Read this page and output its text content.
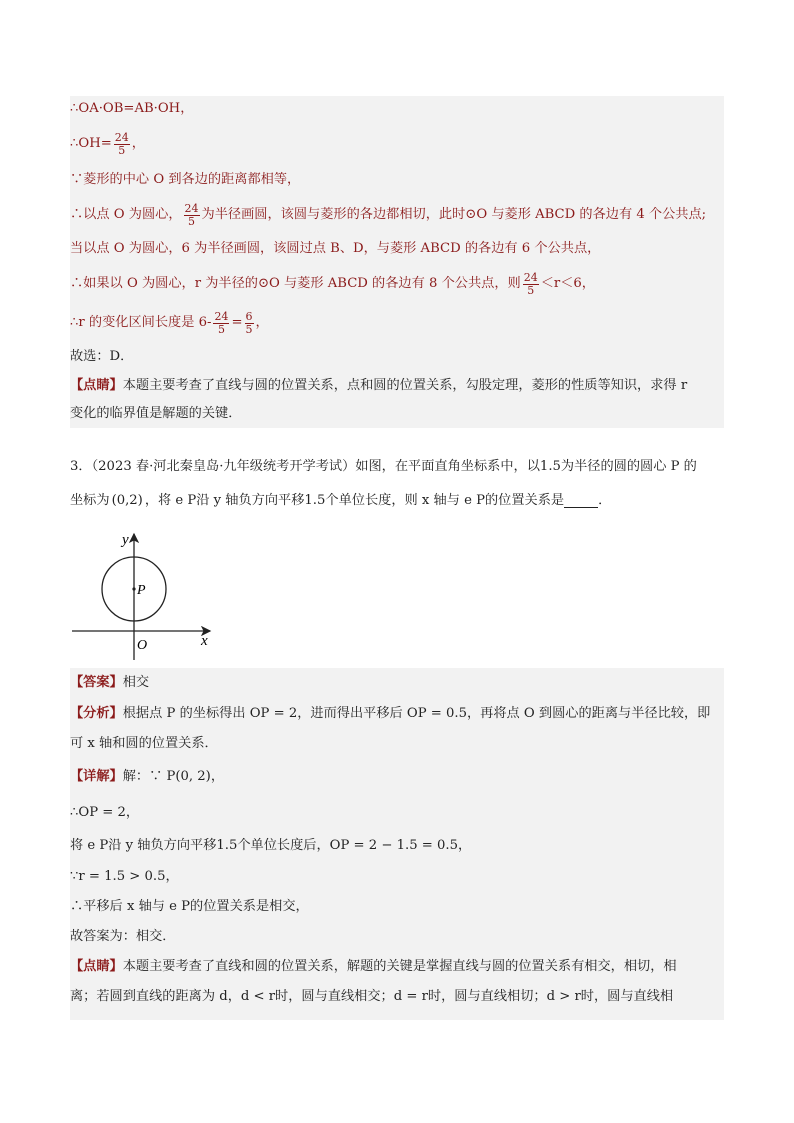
∴OA·OB=AB·OH，
∴OH= $\frac{24}{5}$ ，
∵菱形的中心 O 到各边的距离都相等，
∴以点 O 为圆心， $\frac{24}{5}$ 为半径画圆，该圆与菱形的各边都相切，此时⊙O 与菱形 ABCD 的各边有 4 个公共点;
当以点 O 为圆心，6 为半径画圆，该圆过点 B、D，与菱形 ABCD 的各边有 6 个公共点，
∴如果以 O 为圆心，r 为半径的⊙O 与菱形 ABCD 的各边有 8 个公共点，则 $\frac{24}{5} <r<6$，
∴r 的变化区间长度是 $6- \frac{24}{5} = \frac{6}{5}$ ，
故选：D．
【点睛】 本题主要考查了直线与圆的位置关系，点和圆的位置关系，勾股定理，菱形的性质等知识，求得 r
变化的临界值是解题的关键．
3．（2023 春·河北秦皇岛·九年级统考开学考试）如图，在平面直角坐标系中，以1.5为半径的圆的圆心 P 的
坐标为 (0,2) ，将 e P沿 y 轴负方向平移1.5个单位长度，则 x 轴与 e P的位置关系是	．
y
x
O
P
【答案】 相交
【分析】 根据点 P 的坐标得出 OP = 2，进而得出平移后 OP = 0.5，再将点 O 到圆心的距离与半径比较，即
可 x 轴和圆的位置关系．
【详解】 解：∵ P(0, 2)，
∴OP = 2，
将 e P沿 y 轴负方向平移1.5个单位长度后，OP = 2 − 1.5 = 0.5，
∵r = 1.5 > 0.5，
∴平移后 x 轴与 e P的位置关系是相交，
故答案为：相交．
【点睛】 本题主要考查了直线和圆的位置关系，解题的关键是掌握直线与圆的位置关系有相交，相切，相
离；若圆到直线的距离为 d，d < r时，圆与直线相交；d = r时，圆与直线相切；d > r时，圆与直线相
